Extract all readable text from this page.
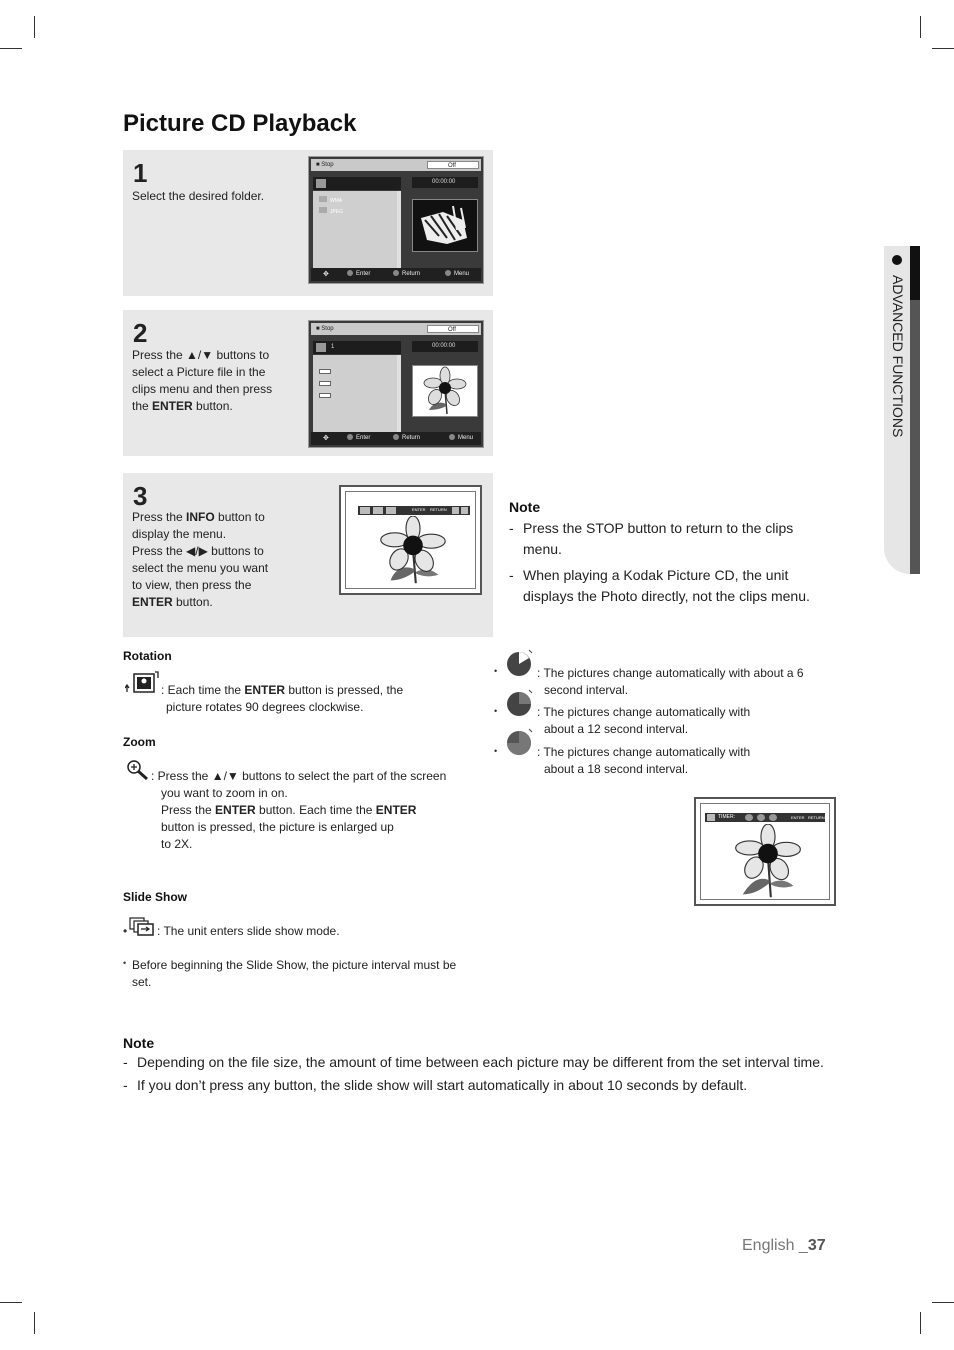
Picture CD Playback
ADVANCED FUNCTIONS
1
Select the desired folder.
■ Stop	Off
WMA
JPEG
00:00:00
✥	Enter	Return	Menu
2
Press the ▲/▼ buttons to
select a Picture file in the
clips menu and then press
the ENTER button.
■ Stop	Off
1	00:00:00
✥	Enter	Return	Menu
3
Press the INFO button to
display the menu.
Press the ◀/▶ buttons to
select the menu you want
to view, then press the
ENTER button.
ENTER RETURN	Note
- Press the STOP button to return to the clips
menu.
- When playing a Kodak Picture CD, the unit
displays the Photo directly, not the clips menu.
Rotation
: Each time the ENTER button is pressed, the
picture rotates 90 degrees clockwise.
Zoom
: Press the ▲/▼ buttons to select the part of the screen
you want to zoom in on.
Press the ENTER button. Each time the ENTER
button is pressed, the picture is enlarged up
to 2X.
Slide Show
• : The unit enters slide show mode.
• Before beginning the Slide Show, the picture interval must be
set.
•	: The pictures change automatically with about a 6
second interval.
•	: The pictures change automatically with
about a 12 second interval.
•	: The pictures change automatically with
about a 18 second interval.
TIMER:	ENTER RETURN
Note
- Depending on the file size, the amount of time between each picture may be different from the set interval time.
- If you don’t press any button, the slide show will start automatically in about 10 seconds by default.
English _37
